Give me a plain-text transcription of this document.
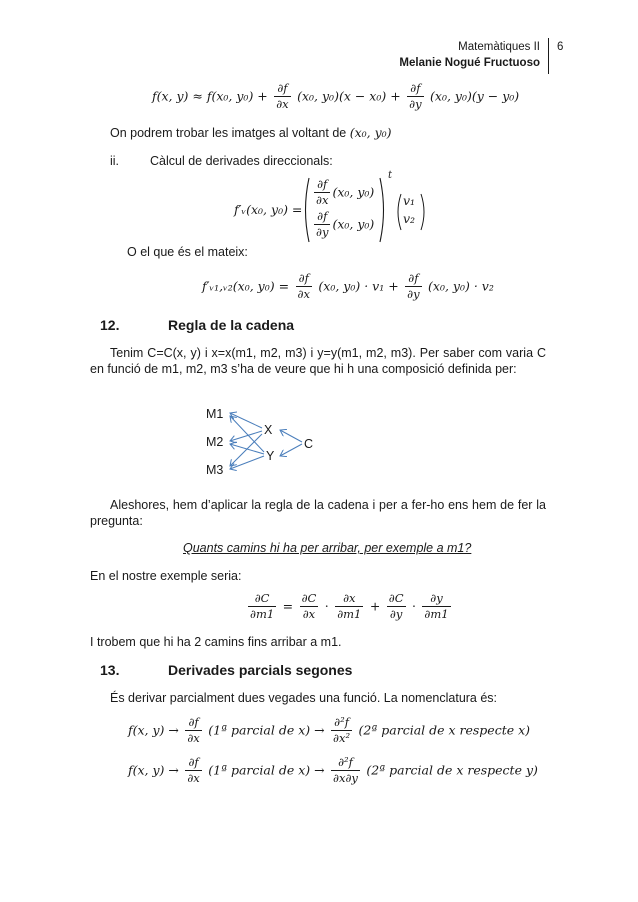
Matemàtiques II
Melanie Nogué Fructuoso
6
f(x, y) ≈ f(x₀, $y_0) + \frac{\partial f}{\partial x} (x_0$, $y_0)(x - x_0) + \frac{\partial f}{\partial y} (x_0$, y₀)(y − y₀)
On podrem trobar les imatges al voltant de (x₀, y₀)
ii. Càlcul de derivades direccionals:
f′ᵥ(x₀, y₀) =
$\frac{\partial f}{\partial x} (x_0$, y₀)
$\frac{\partial f}{\partial y} (x_0$, y₀)
t
v₁
v₂
O el que és el mateix:
f′ᵥ₁,ᵥ₂(x₀, $y_0) = \frac{\partial f}{\partial x} (x_0$, $y_0) \cdot v_1 + \frac{\partial f}{\partial y} (x_0$, y₀) · v₂
12.	Regla de la cadena
Tenim C=C(x, y) i x=x(m1, m2, m3) i y=y(m1, m2, m3). Per saber com varia C en funció de m1, m2, m3 s’ha de veure que hi h una composició definida per:
M1
M2
M3
X
Y
C
Aleshores, hem d’aplicar la regla de la cadena i per a fer-ho ens hem de fer la pregunta:
Quants camins hi ha per arribar, per exemple a m1?
En el nostre exemple seria:
$\frac{\partial C}{\partial m1} = \frac{\partial C}{\partial x} \cdot \frac{\partial x}{\partial m1} + \frac{\partial C}{\partial y} \cdot \frac{\partial y}{\partial m1}$
I trobem que hi ha 2 camins fins arribar a m1.
13.	Derivades parcials segones
És derivar parcialment dues vegades una funció. La nomenclatura és:
f(x, $y) \to \frac{\partial f}{\partial x}$ (1ª parcial de $x) \to \frac{\text{∂²f}}{\text{∂x²}}$ (2ª parcial de x respecte x)
f(x, $y) \to \frac{\partial f}{\partial x}$ (1ª parcial de $x) \to \frac{\text{∂²f}}{\partial x\partial y}$ (2ª parcial de x respecte y)
